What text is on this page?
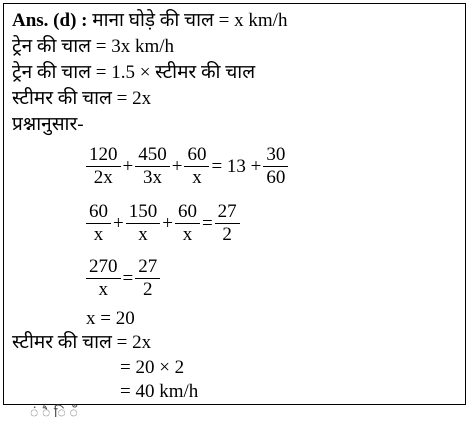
Ans. (d) : माना घोड़े की चाल = x km/h
ट्रेन की चाल = 3x km/h
ट्रेन की चाल = 1.5 × स्टीमर की चाल
स्टीमर की चाल = 2x
प्रश्नानुसार-
$\frac{120}{2x} + \frac{450}{3x} + \frac{60}{x} = 13 + \frac{30}{60}$
$\frac{60}{x} + \frac{150}{x} + \frac{60}{x} = \frac{27}{2}$
$\frac{270}{x} = \frac{27}{2}$
x = 20
स्टीमर की चाल = 2x
= 20 × 2
= 40 km/h
ं ै ि ँ
